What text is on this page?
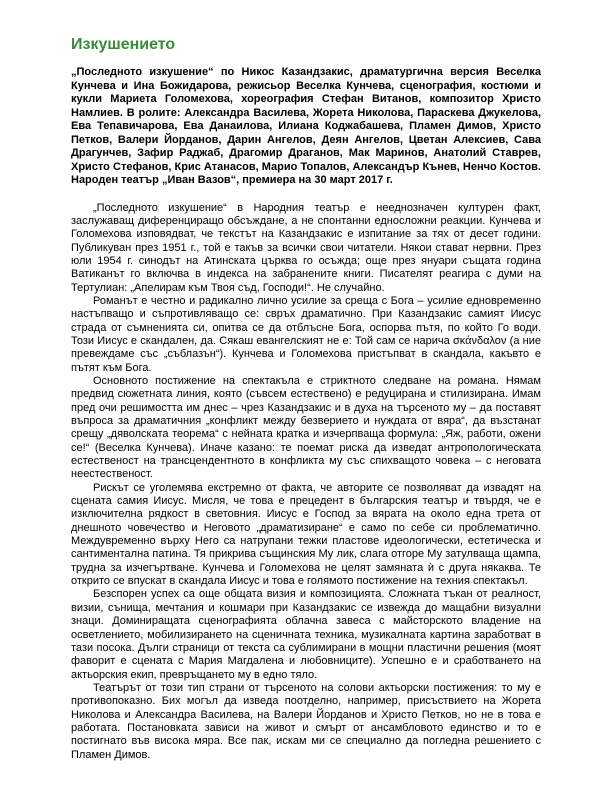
Изкушението

„Последното изкушение“ по Никос Казандзакис, драматургична версия Веселка Кунчева и Ина Божидарова, режисьор Веселка Кунчева, сценография, костюми и кукли Мариета Голомехова, хореография Стефан Витанов, композитор Христо Намлиев. В ролите: Александра Василева, Жорета Николова, Параскева Джукелова, Ева Тепавичарова, Ева Данаилова, Илиана Коджабашева, Пламен Димов, Христо Петков, Валери Йорданов, Дарин Ангелов, Деян Ангелов, Цветан Алексиев, Сава Драгунчев, Зафир Раджаб, Драгомир Драганов, Мак Маринов, Анатолий Ставрев, Христо Стефанов, Крис Атанасов, Марио Топалов, Александър Кънев, Ненчо Костов. Народен театър „Иван Вазов“, премиера на 30 март 2017 г.

„Последното изкушение“ в Народния театър е нееднозначен културен факт, заслужаващ диференциращо обсъждане, а не спонтанни едносложни реакции. Кунчева и Голомехова изповядват, че текстът на Казандзакис е изпитание за тях от десет години. Публикуван през 1951 г., той е такъв за всички свои читатели. Някои стават нервни. През юли 1954 г. синодът на Атинската църква го осъжда; още през януари същата година Ватиканът го включва в индекса на забранените книги. Писателят реагира с думи на Тертулиан: „Апелирам към Твоя съд, Господи!“. Не случайно.

Романът е честно и радикално лично усилие за среща с Бога – усилие едновременно настъпващо и съпротивляващо се: свръх драматично. При Казандзакис самият Иисус страда от съмненията си, опитва се да отблъсне Бога, оспорва пътя, по който Го води. Този Иисус е скандален, да. Сякаш евангелският не е: Той сам се нарича σκάνδαλον (а ние превеждаме със „съблазън“). Кунчева и Голомехова пристъпват в скандала, какъвто е пътят към Бога.

Основното постижение на спектакъла е стриктното следване на романа. Нямам предвид сюжетната линия, която (съвсем естествено) е редуцирана и стилизирана. Имам пред очи решимостта им днес – чрез Казандзакис и в духа на търсеното му – да поставят въпроса за драматичния „конфликт между безверието и нуждата от вяра“, да възстанат срещу „дяволската теорема“ с нейната кратка и изчерпваща формула: „Яж, работи, ожени се!“ (Веселка Кунчева). Иначе казано: те поемат риска да изведат антропологическата естественост на трансцендентното в конфликта му със спихващото човека – с неговата неестественост.

Рискът се уголемява екстремно от факта, че авторите се позволяват да извадят на сцената самия Иисус. Мисля, че това е прецедент в българския театър и твърдя, че е изключителна рядкост в световния. Иисус е Господ за вярата на около една трета от днешното човечество и Неговото „драматизиране“ е само по себе си проблематично. Междувременно върху Него са натрупани тежки пластове идеологически, естетическа и сантиментална патина. Тя прикрива същинския Му лик, слага отгоре Му затулваща щампа, трудна за изчегъртване. Кунчева и Голомехова не целят замяната ѝ с друга някаква. Те открито се впускат в скандала Иисус и това е голямото постижение на техния спектакъл.

Безспорен успех са още общата визия и композицията. Сложната тъкан от реалност, визии, сънища, мечтания и кошмари при Казандзакис се извежда до мащабни визуални знаци. Доминиращата сценографията облачна завеса с майсторското владение на осветлението, мобилизирането на сценичната техника, музикалната картина заработват в тази посока. Дълги страници от текста са сублимирани в мощни пластични решения (моят фаворит е сцената с Мария Магдалена и любовниците). Успешно е и сработването на актьорския екип, превръщането му в едно тяло.

Театърът от този тип страни от търсеното на солови актьорски постижения: то му е противопоказно. Бих могъл да изведа поотделно, например, присъствието на Жорета Николова и Александра Василева, на Валери Йорданов и Христо Петков, но не в това е работата. Постановката зависи на живот и смърт от ансамбловото единство и то е постигнато във висока мяра. Все пак, искам ми се специално да погледна решението с Пламен Димов.
